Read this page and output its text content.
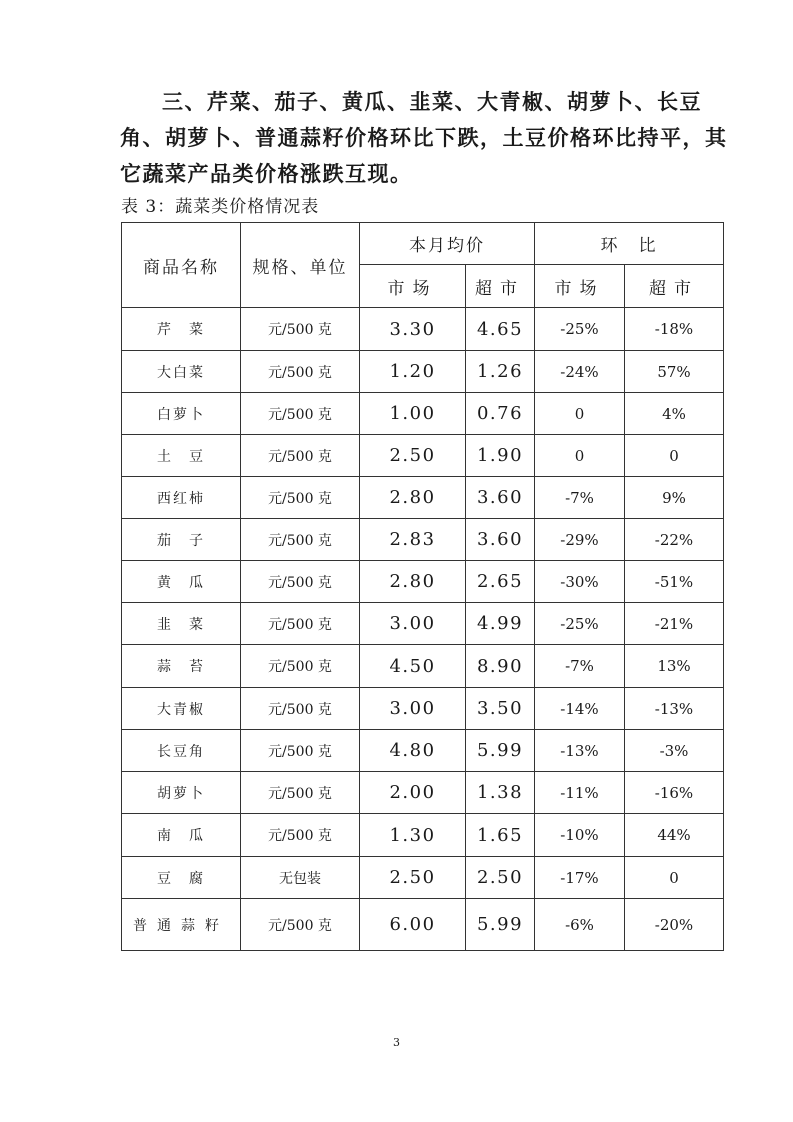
三、芹菜、茄子、黄瓜、韭菜、大青椒、胡萝卜、长豆角、胡萝卜、普通蒜籽价格环比下跌，土豆价格环比持平，其它蔬菜产品类价格涨跌互现。

表 3：蔬菜类价格情况表

商品名称	规格、单位	本月均价		环　比	
		市场	超市	市场	超市
芹　菜	元/500 克	3.30	4.65	-25%	-18%
大白菜	元/500 克	1.20	1.26	-24%	57%
白萝卜	元/500 克	1.00	0.76	0	4%
土　豆	元/500 克	2.50	1.90	0	0
西红柿	元/500 克	2.80	3.60	-7%	9%
茄　子	元/500 克	2.83	3.60	-29%	-22%
黄　瓜	元/500 克	2.80	2.65	-30%	-51%
韭　菜	元/500 克	3.00	4.99	-25%	-21%
蒜　苔	元/500 克	4.50	8.90	-7%	13%
大青椒	元/500 克	3.00	3.50	-14%	-13%
长豆角	元/500 克	4.80	5.99	-13%	-3%
胡萝卜	元/500 克	2.00	1.38	-11%	-16%
南　瓜	元/500 克	1.30	1.65	-10%	44%
豆　腐	无包装	2.50	2.50	-17%	0
普通蒜籽	元/500 克	6.00	5.99	-6%	-20%

3
